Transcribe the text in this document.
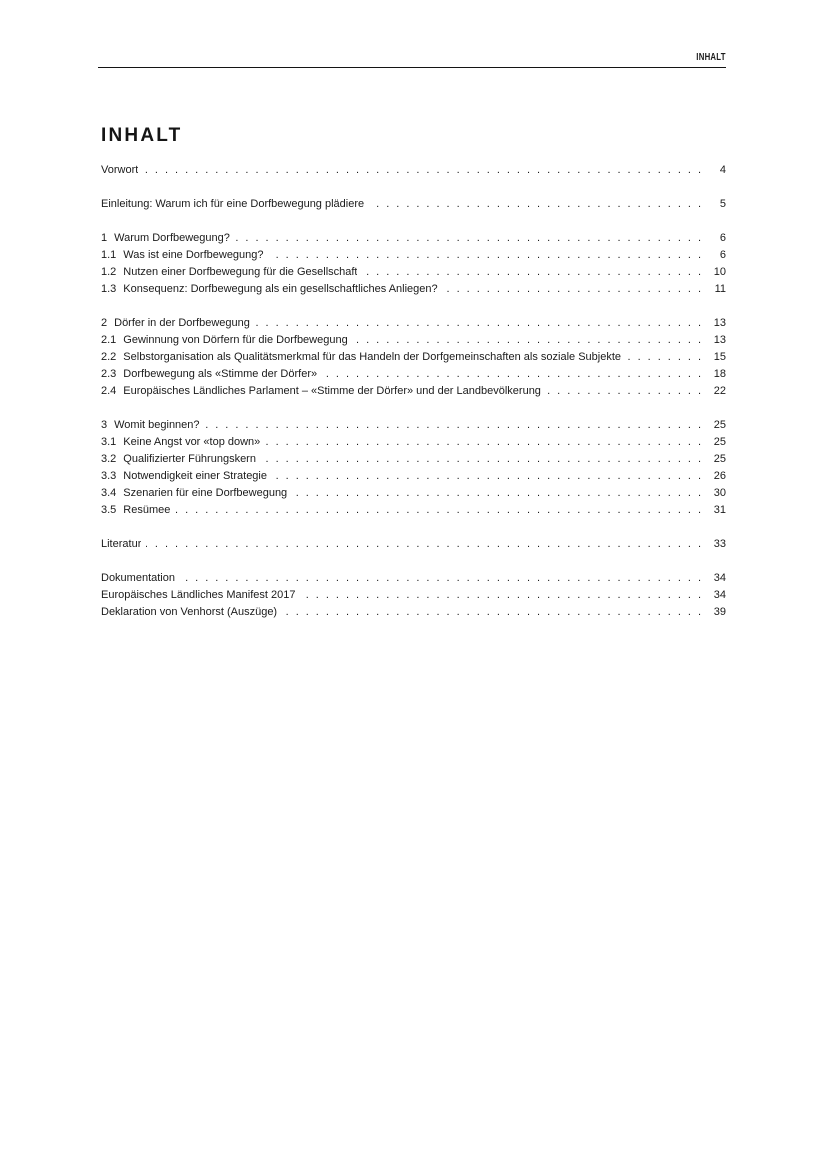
INHALT
INHALT
Vorwort .....	4
Einleitung: Warum ich für eine Dorfbewegung plädiere .....	5
1 Warum Dorfbewegung? .....	6
1.1 Was ist eine Dorfbewegung? .....	6
1.2 Nutzen einer Dorfbewegung für die Gesellschaft .....	10
1.3 Konsequenz: Dorfbewegung als ein gesellschaftliches Anliegen? .....	11
2 Dörfer in der Dorfbewegung .....	13
2.1 Gewinnung von Dörfern für die Dorfbewegung .....	13
2.2 Selbstorganisation als Qualitätsmerkmal für das Handeln der Dorfgemeinschaften als soziale Subjekte .....	15
2.3 Dorfbewegung als «Stimme der Dörfer» .....	18
2.4 Europäisches Ländliches Parlament – «Stimme der Dörfer» und der Landbevölkerung .....	22
3 Womit beginnen? .....	25
3.1 Keine Angst vor «top down» .....	25
3.2 Qualifizierter Führungskern .....	25
3.3 Notwendigkeit einer Strategie .....	26
3.4 Szenarien für eine Dorfbewegung .....	30
3.5 Resümee .....	31
Literatur .....	33
Dokumentation .....	34
Europäisches Ländliches Manifest 2017 .....	34
Deklaration von Venhorst (Auszüge) .....	39
